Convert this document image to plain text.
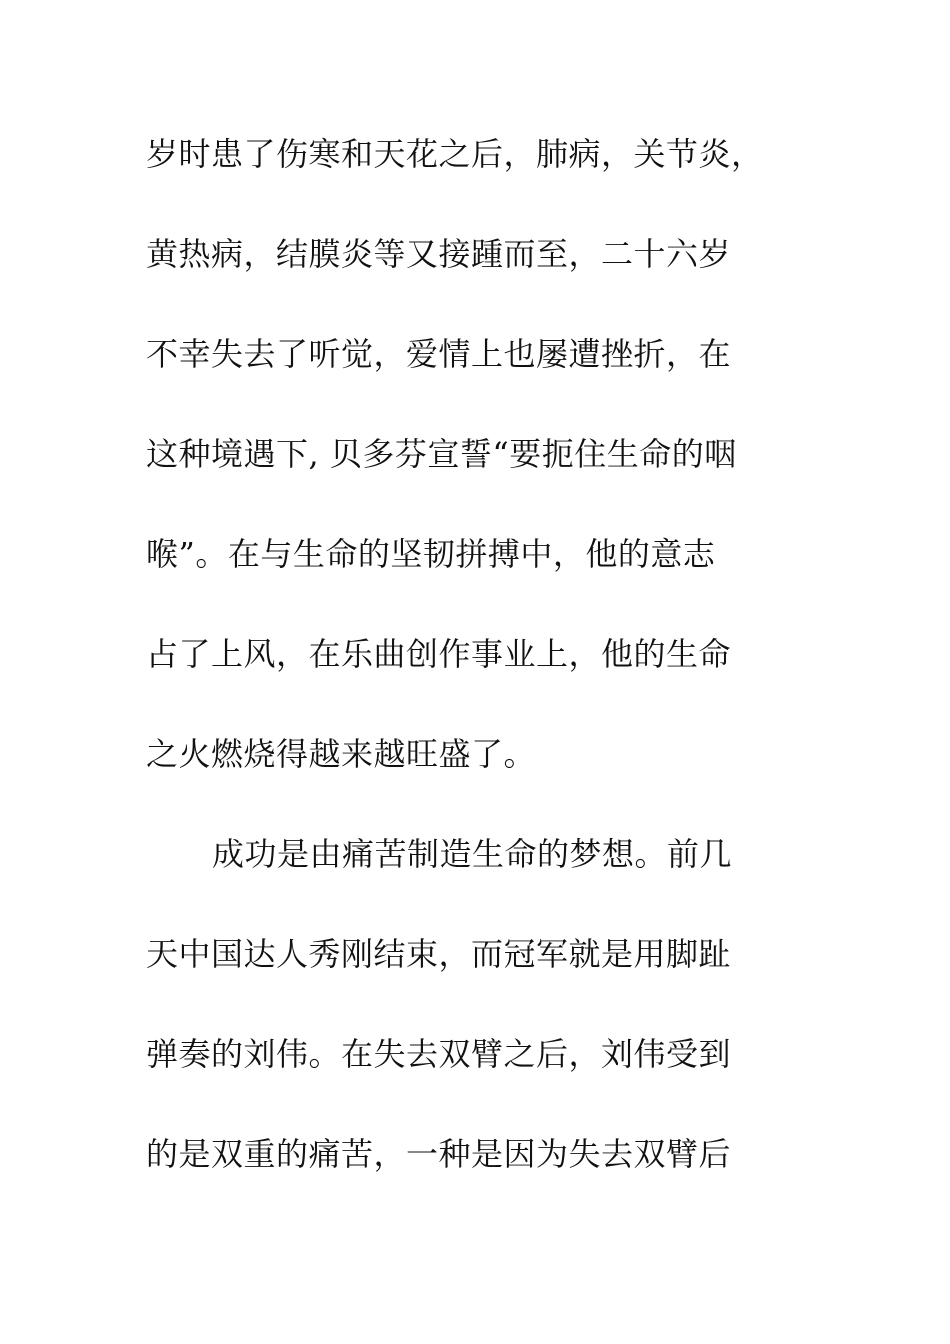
岁时患了伤寒和天花之后，肺病，关节炎，

黄热病，结膜炎等又接踵而至，二十六岁

不幸失去了听觉，爱情上也屡遭挫折，在

这种境遇下, 贝多芬宣誓“要扼住生命的咽

喉”。在与生命的坚韧拼搏中，他的意志

占了上风，在乐曲创作事业上，他的生命

之火燃烧得越来越旺盛了。

成功是由痛苦制造生命的梦想。前几

天中国达人秀刚结束，而冠军就是用脚趾

弹奏的刘伟。在失去双臂之后，刘伟受到

的是双重的痛苦，一种是因为失去双臂后
